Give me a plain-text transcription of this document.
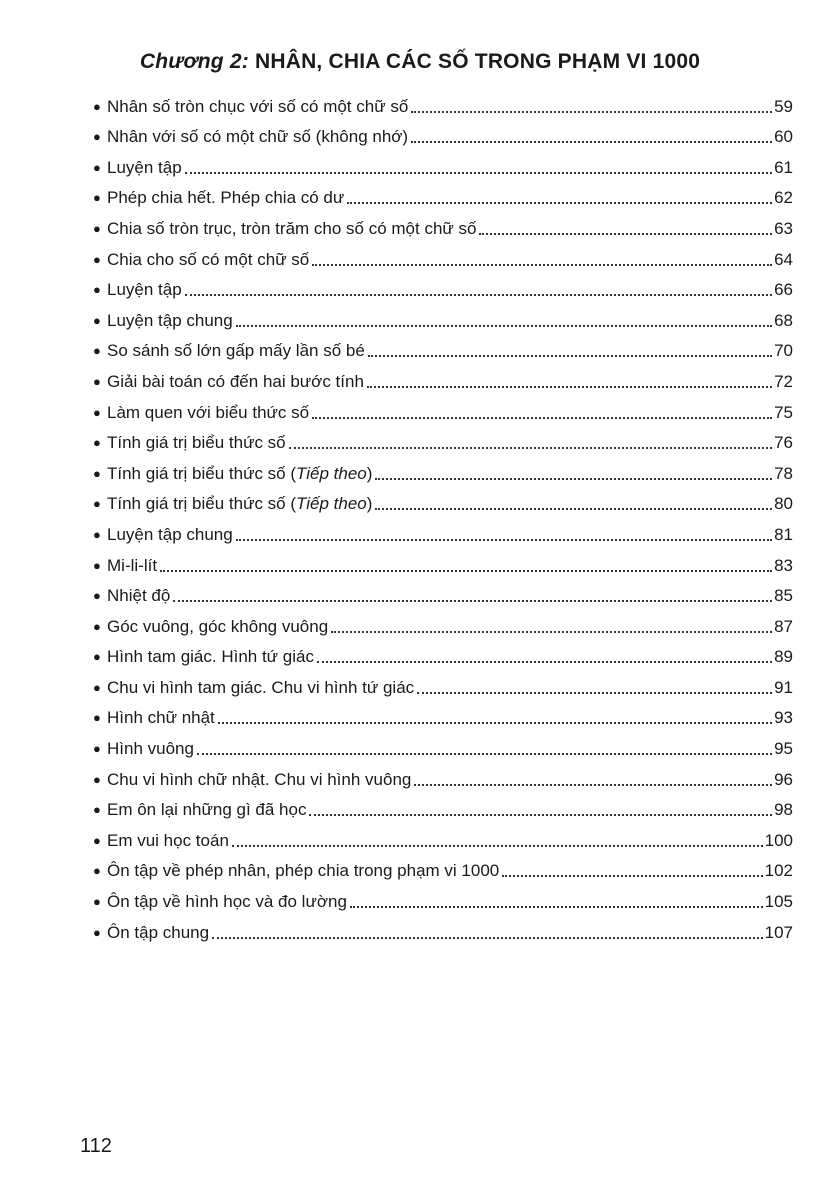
Chương 2: NHÂN, CHIA CÁC SỐ TRONG PHẠM VI 1000
● Nhân số tròn chục với số có một chữ số	59
● Nhân với số có một chữ số (không nhớ)	60
● Luyện tập	61
● Phép chia hết. Phép chia có dư	62
● Chia số tròn trục, tròn trăm cho số có một chữ số	63
● Chia cho số có một chữ số	64
● Luyện tập	66
● Luyện tập chung	68
● So sánh số lớn gấp mấy lần số bé	70
● Giải bài toán có đến hai bước tính	72
● Làm quen với biểu thức số	75
● Tính giá trị biểu thức số	76
● Tính giá trị biểu thức số (Tiếp theo)	78
● Tính giá trị biểu thức số (Tiếp theo)	80
● Luyện tập chung	81
● Mi-li-lít	83
● Nhiệt độ	85
● Góc vuông, góc không vuông	87
● Hình tam giác. Hình tứ giác	89
● Chu vi hình tam giác. Chu vi hình tứ giác	91
● Hình chữ nhật	93
● Hình vuông	95
● Chu vi hình chữ nhật. Chu vi hình vuông	96
● Em ôn lại những gì đã học	98
● Em vui học toán	100
● Ôn tập về phép nhân, phép chia trong phạm vi 1000	102
● Ôn tập về hình học và đo lường	105
● Ôn tập chung	107
112
